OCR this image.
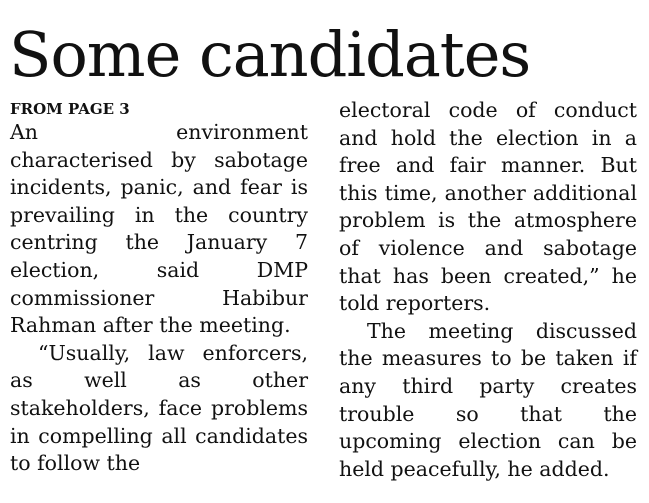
Some candidates
FROM PAGE 3

An environment characterised by sabotage incidents, panic, and fear is prevailing in the country centring the January 7 election, said DMP commissioner Habibur Rahman after the meeting.

“Usually, law enforcers, as well as other stakeholders, face problems in compelling all candidates to follow the

electoral code of conduct and hold the election in a free and fair manner. But this time, another additional problem is the atmosphere of violence and sabotage that has been created,” he told reporters.

The meeting discussed the measures to be taken if any third party creates trouble so that the upcoming election can be held peacefully, he added.
